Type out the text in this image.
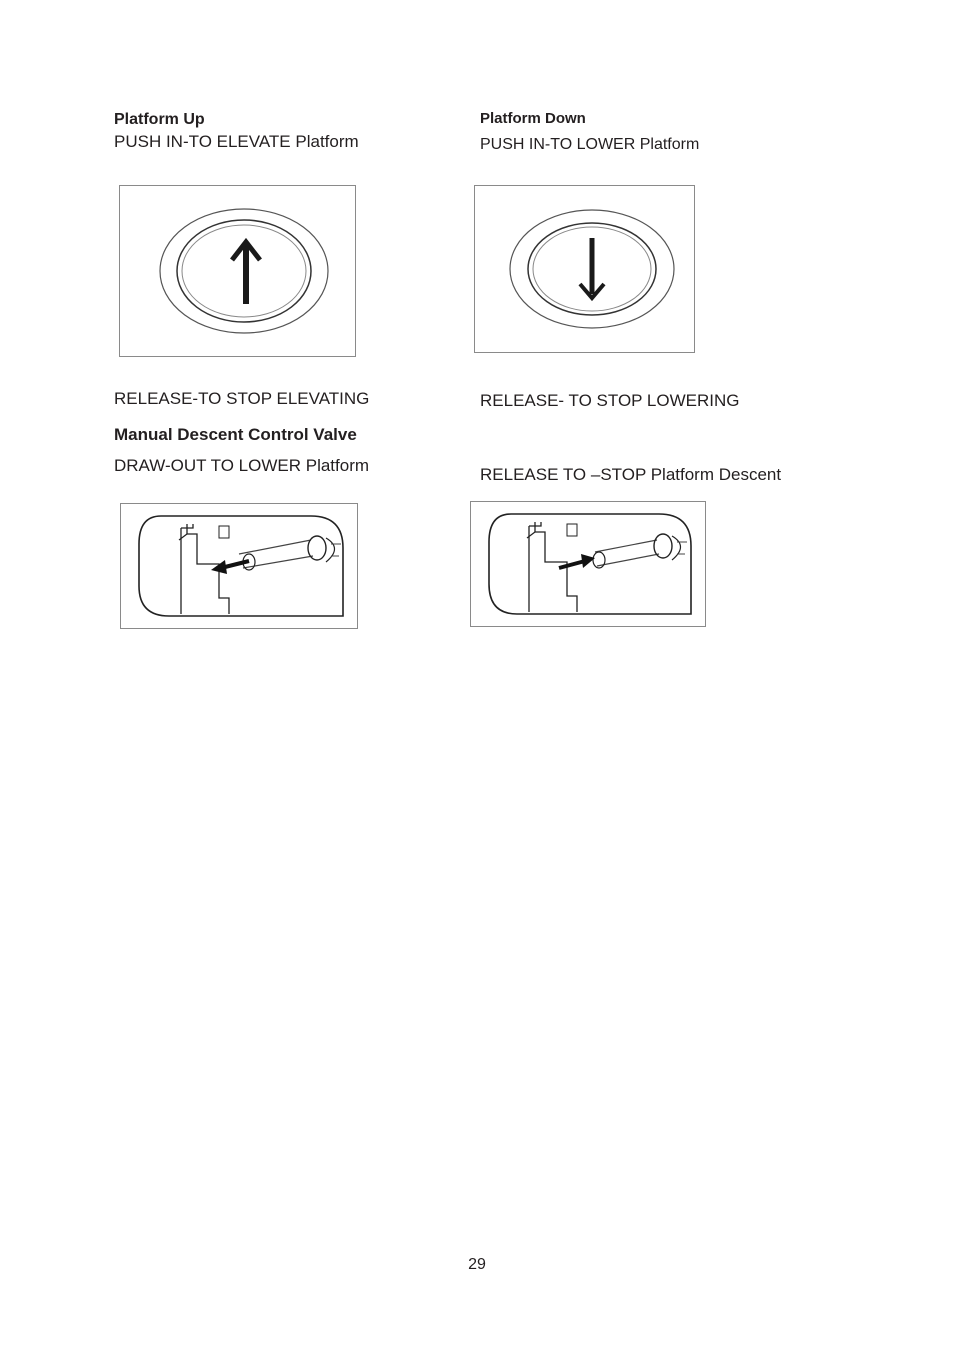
Platform Up
PUSH IN-TO ELEVATE Platform
Platform Down
PUSH IN-TO LOWER Platform
RELEASE-TO STOP ELEVATING	RELEASE- TO STOP LOWERING
Manual Descent Control Valve
DRAW-OUT TO LOWER Platform	RELEASE TO –STOP Platform Descent
29
